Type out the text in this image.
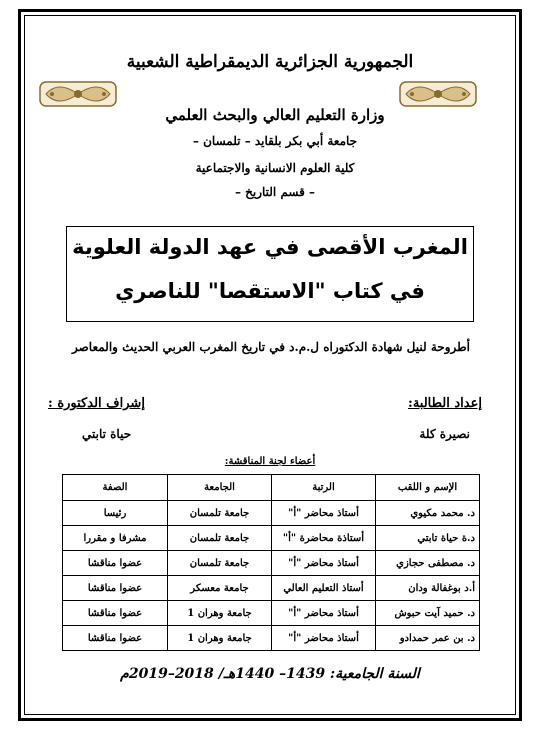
الجمهورية الجزائرية الديمقراطية الشعبية
وزارة التعليم العالي والبحث العلمي
جامعة أبي بكر بلقايد – تلمسان –
كلية العلوم الانسانية والاجتماعية
– قسم التاريخ –
المغرب الأقصى في عهد الدولة العلوية
في كتاب "الاستقصا" للناصري
أطروحة لنيل شهادة الدكتوراه ل.م.د في تاريخ المغرب العربي الحديث والمعاصر
إعداد الطالبة:
نصيرة كلة
إشراف الدكتورة :
حياة تابتي
أعضاء لجنة المناقشة:
الإسم و اللقب	الرتبة	الجامعة	الصفة
د. محمد مكيوي	أستاذ محاضر "أ"	جامعة تلمسان	رئيسا
د.ة حياة تابتي	أستاذة محاضرة "أ"	جامعة تلمسان	مشرفا و مقررا
د. مصطفى حجازي	أستاذ محاضر "أ"	جامعة تلمسان	عضوا مناقشا
أ.د بوغفالة ودان	أستاذ التعليم العالي	جامعة معسكر	عضوا مناقشا
د. حميد آيت حبوش	أستاذ محاضر "أ"	جامعة وهران 1	عضوا مناقشا
د. بن عمر حمدادو	أستاذ محاضر "أ"	جامعة وهران 1	عضوا مناقشا
السنة الجامعية: 1439– 1440هـ/ 2018–2019م
